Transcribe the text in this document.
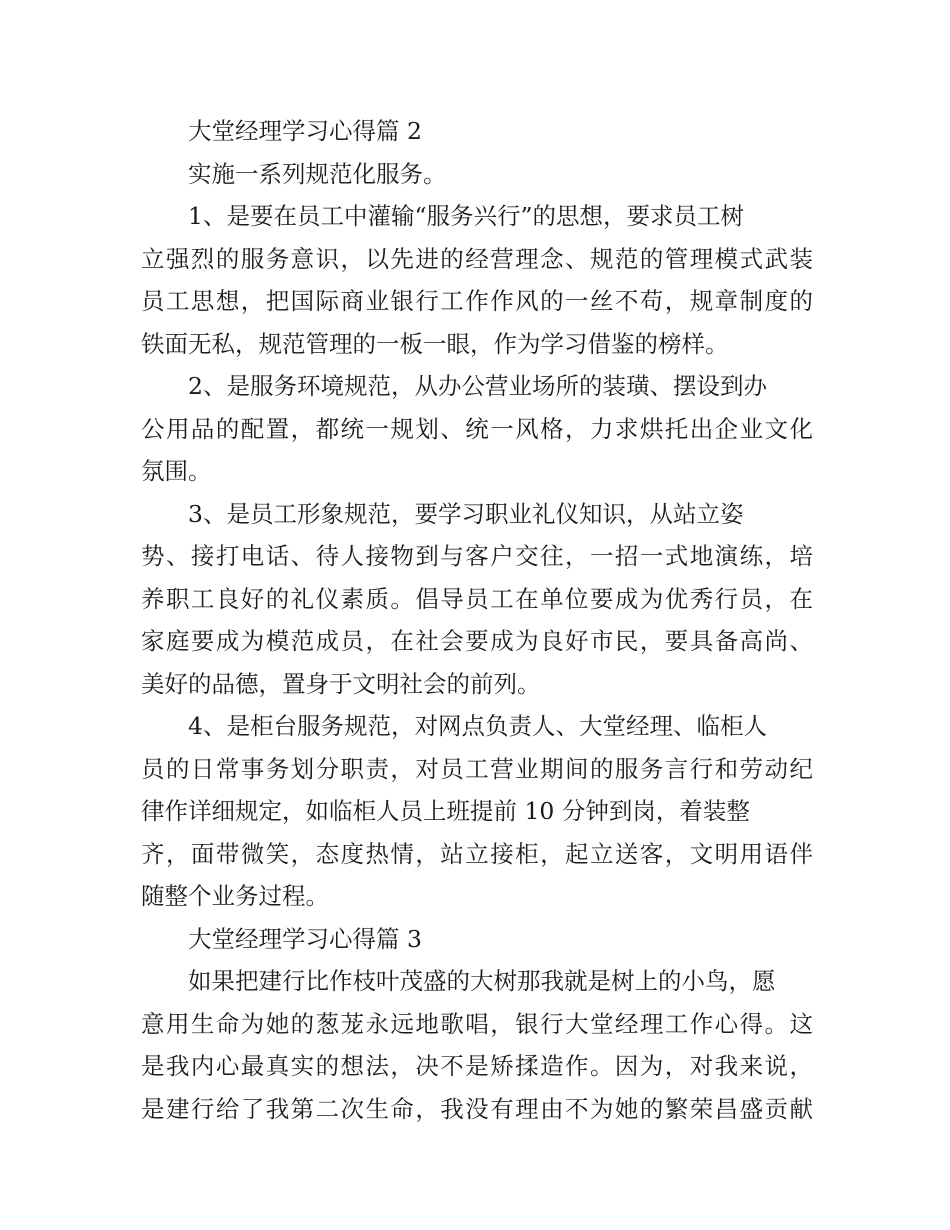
大堂经理学习心得篇 2

实施一系列规范化服务。

1、是要在员工中灌输“服务兴行”的思想，要求员工树

立强烈的服务意识，以先进的经营理念、规范的管理模式武装

员工思想，把国际商业银行工作作风的一丝不苟，规章制度的

铁面无私，规范管理的一板一眼，作为学习借鉴的榜样。

2、是服务环境规范，从办公营业场所的装璜、摆设到办

公用品的配置，都统一规划、统一风格，力求烘托出企业文化

氛围。

3、是员工形象规范，要学习职业礼仪知识，从站立姿

势、接打电话、待人接物到与客户交往，一招一式地演练，培

养职工良好的礼仪素质。倡导员工在单位要成为优秀行员，在

家庭要成为模范成员，在社会要成为良好市民，要具备高尚、

美好的品德，置身于文明社会的前列。

4、是柜台服务规范，对网点负责人、大堂经理、临柜人

员的日常事务划分职责，对员工营业期间的服务言行和劳动纪

律作详细规定，如临柜人员上班提前 10 分钟到岗，着装整

齐，面带微笑，态度热情，站立接柜，起立送客，文明用语伴

随整个业务过程。

大堂经理学习心得篇 3

如果把建行比作枝叶茂盛的大树那我就是树上的小鸟，愿

意用生命为她的葱茏永远地歌唱，银行大堂经理工作心得。这

是我内心最真实的想法，决不是矫揉造作。因为，对我来说，

是建行给了我第二次生命，我没有理由不为她的繁荣昌盛贡献
